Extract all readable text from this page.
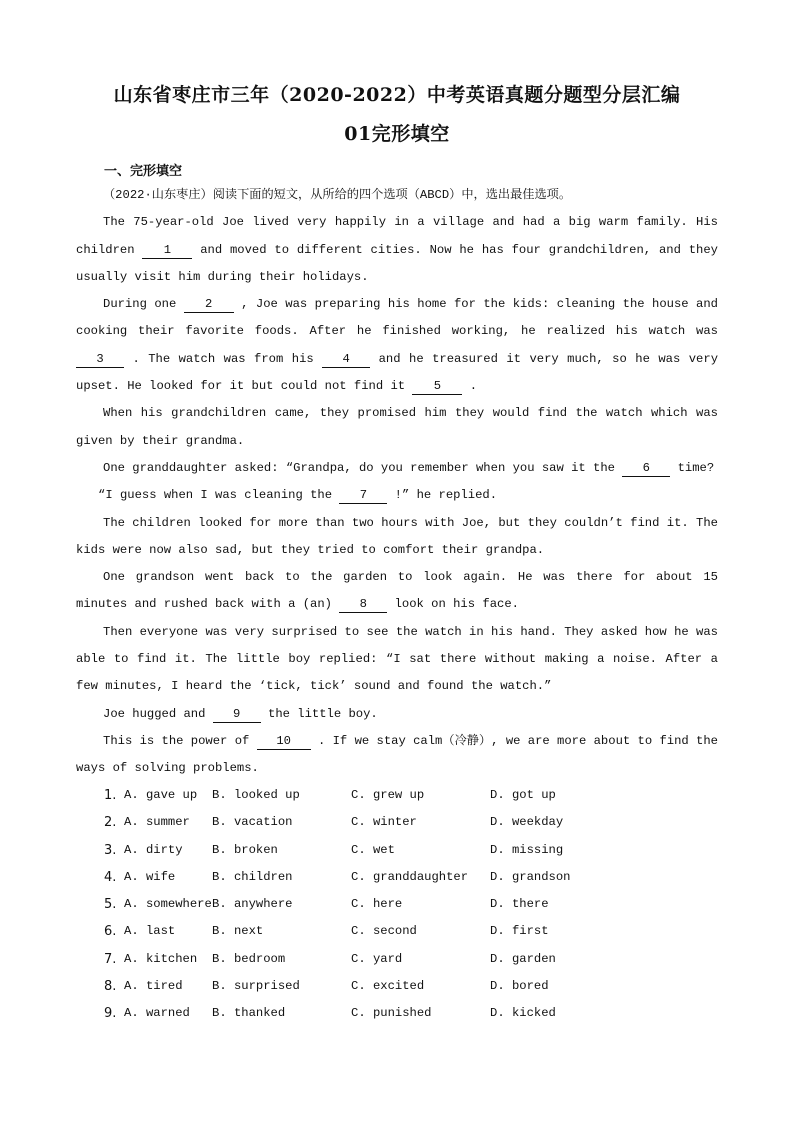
山东省枣庄市三年（2020-2022）中考英语真题分题型分层汇编
01完形填空
一、完形填空

（2022·山东枣庄）阅读下面的短文，从所给的四个选项（ABCD）中，选出最佳选项。

The 75-year-old Joe lived very happily in a village and had a big warm family. His children 1 and moved to different cities. Now he has four grandchildren, and they usually visit him during their holidays.

During one 2 , Joe was preparing his home for the kids: cleaning the house and cooking their favorite foods. After he finished working, he realized his watch was 3 . The watch was from his 4 and he treasured it very much, so he was very upset. He looked for it but could not find it 5 .

When his grandchildren came, they promised him they would find the watch which was given by their grandma.

One granddaughter asked: “Grandpa, do you remember when you saw it the 6 time?

“I guess when I was cleaning the 7 !” he replied.

The children looked for more than two hours with Joe, but they couldn’t find it. The kids were now also sad, but they tried to comfort their grandpa.

One grandson went back to the garden to look again. He was there for about 15 minutes and rushed back with a (an) 8 look on his face.

Then everyone was very surprised to see the watch in his hand. They asked how he was able to find it. The little boy replied: “I sat there without making a noise. After a few minutes, I heard the ‘tick, tick’ sound and found the watch.”

Joe hugged and 9 the little boy.

This is the power of 10 . If we stay calm（冷静）, we are more about to find the ways of solving problems.

1. A. gave up B. looked up	C. grew up	D. got up
2. A. summer B. vacation	C. winter	D. weekday
3. A. dirty B. broken	C. wet	D. missing
4. A. wife	B. children	C. granddaughter D. grandson
5. A. somewhere B. anywhere	C. here	D. there
6. A. last	B. next	C. second	D. first
7. A. kitchen B. bedroom	C. yard	D. garden
8. A. tired B. surprised	C. excited	D. bored
9. A. warned B. thanked	C. punished	D. kicked
